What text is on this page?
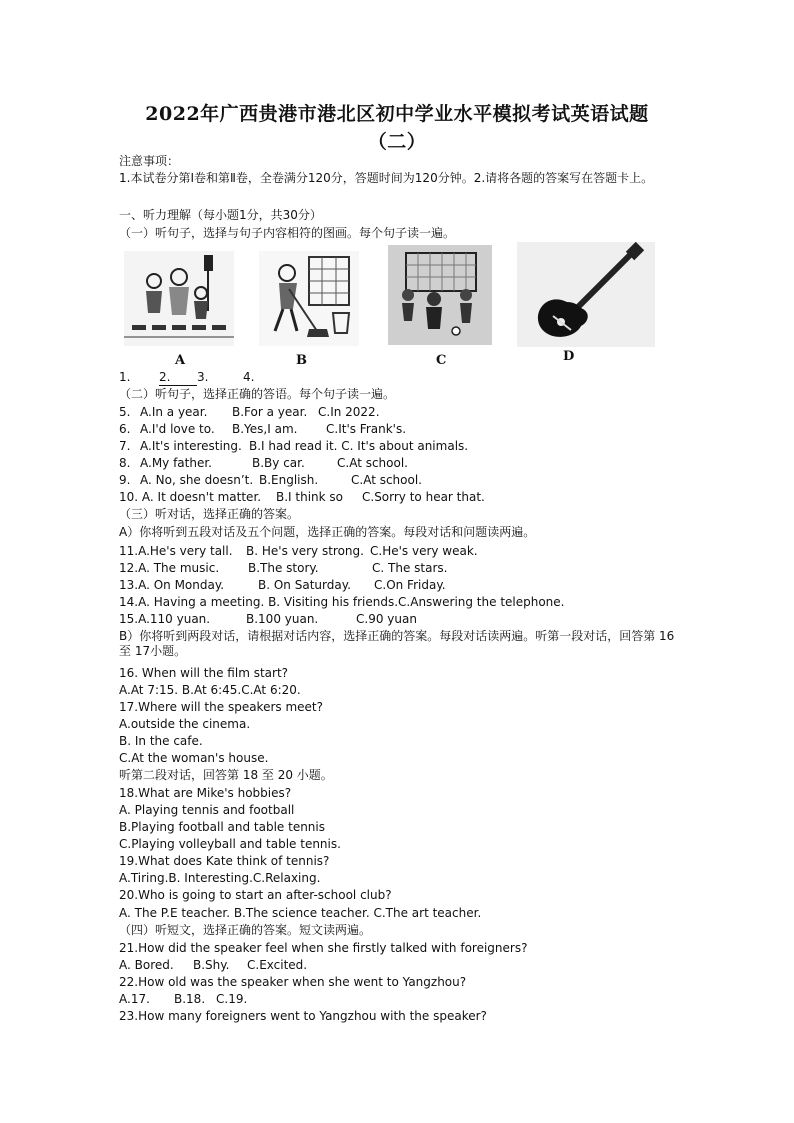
2022年广西贵港市港北区初中学业水平模拟考试英语试题
（二）
注意事项：
1.本试卷分第Ⅰ卷和第Ⅱ卷，全卷满分120分，答题时间为120分钟。2.请将各题的答案写在答题卡上。
一、听力理解（每小题1分，共30分）
（一）听句子，选择与句子内容相符的图画。每个句子读一遍。
A	B	C	D
1. 2. 3.	4.
（二）听句子，选择正确的答语。每个句子读一遍。
5. A.In a year. B.For a year. C.In 2022.
6. A.I'd love to. B.Yes,I am. C.It's Frank's.
7. A.It's interesting. B.I had read it. C. It's about animals.
8. A.My father.	B.By car.	C.At school.
9. A. No, she doesn’t. B.English.	C.At school.
10. A. It doesn't matter. B.I think so C.Sorry to hear that.
（三）听对话，选择正确的答案。
A）你将听到五段对话及五个问题，选择正确的答案。每段对话和问题读两遍。
11.A.He's very tall. B. He's very strong. C.He's very weak.
12.A. The music. B.The story.	C. The stars.
13.A. On Monday.	B. On Saturday. C.On Friday.
14.A. Having a meeting. B. Visiting his friends.C.Answering the telephone.
15.A.110 yuan.	B.100 yuan.	C.90 yuan
B）你将听到两段对话，请根据对话内容，选择正确的答案。每段对话读两遍。听第一段对话，回答第 16 至 17小题。
16. When will the film start?
A.At 7:15. B.At 6:45.C.At 6:20.
17.Where will the speakers meet?
A.outside the cinema.
B. In the cafe.
C.At the woman's house.
听第二段对话，回答第 18 至 20 小题。
18.What are Mike's hobbies?
A. Playing tennis and football
B.Playing football and table tennis
C.Playing volleyball and table tennis.
19.What does Kate think of tennis?
A.Tiring.B. Interesting.C.Relaxing.
20.Who is going to start an after-school club?
A. The P.E teacher. B.The science teacher. C.The art teacher.
（四）听短文，选择正确的答案。短文读两遍。
21.How did the speaker feel when she firstly talked with foreigners?
A. Bored. B.Shy. C.Excited.
22.How old was the speaker when she went to Yangzhou?
A.17. B.18. C.19.
23.How many foreigners went to Yangzhou with the speaker?
